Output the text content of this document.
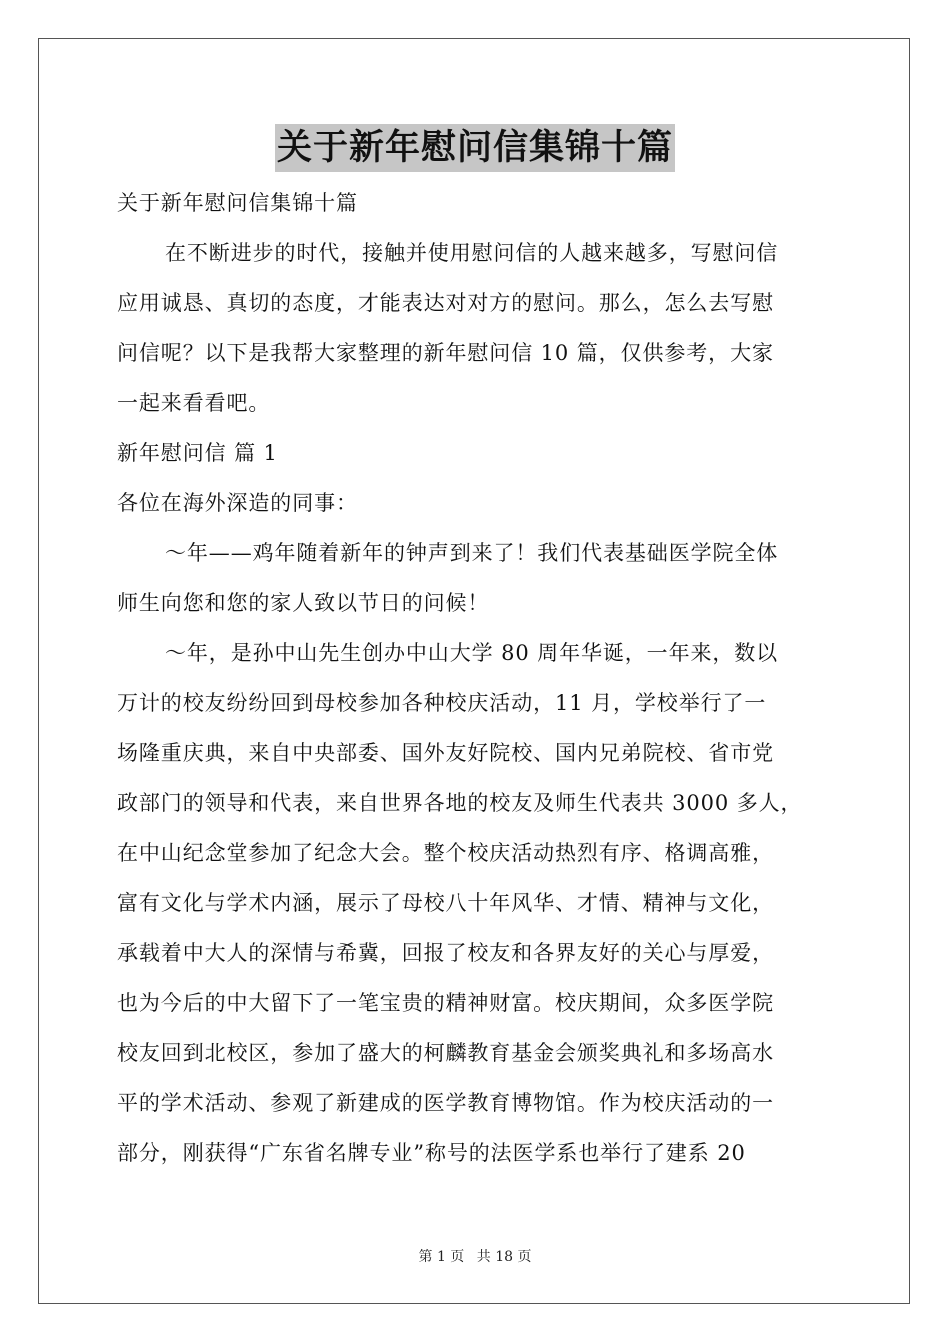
关于新年慰问信集锦十篇
关于新年慰问信集锦十篇
在不断进步的时代，接触并使用慰问信的人越来越多，写慰问信
应用诚恳、真切的态度，才能表达对对方的慰问。那么，怎么去写慰
问信呢？以下是我帮大家整理的新年慰问信 10 篇，仅供参考，大家
一起来看看吧。
新年慰问信 篇 1
各位在海外深造的同事：
～年——鸡年随着新年的钟声到来了！我们代表基础医学院全体
师生向您和您的家人致以节日的问候！
～年，是孙中山先生创办中山大学 80 周年华诞，一年来，数以
万计的校友纷纷回到母校参加各种校庆活动，11 月，学校举行了一
场隆重庆典，来自中央部委、国外友好院校、国内兄弟院校、省市党
政部门的领导和代表，来自世界各地的校友及师生代表共 3000 多人，
在中山纪念堂参加了纪念大会。整个校庆活动热烈有序、格调高雅，
富有文化与学术内涵，展示了母校八十年风华、才情、精神与文化，
承载着中大人的深情与希冀，回报了校友和各界友好的关心与厚爱，
也为今后的中大留下了一笔宝贵的精神财富。校庆期间，众多医学院
校友回到北校区，参加了盛大的柯麟教育基金会颁奖典礼和多场高水
平的学术活动、参观了新建成的医学教育博物馆。作为校庆活动的一
部分，刚获得“广东省名牌专业”称号的法医学系也举行了建系 20
第 1 页 共 18 页
